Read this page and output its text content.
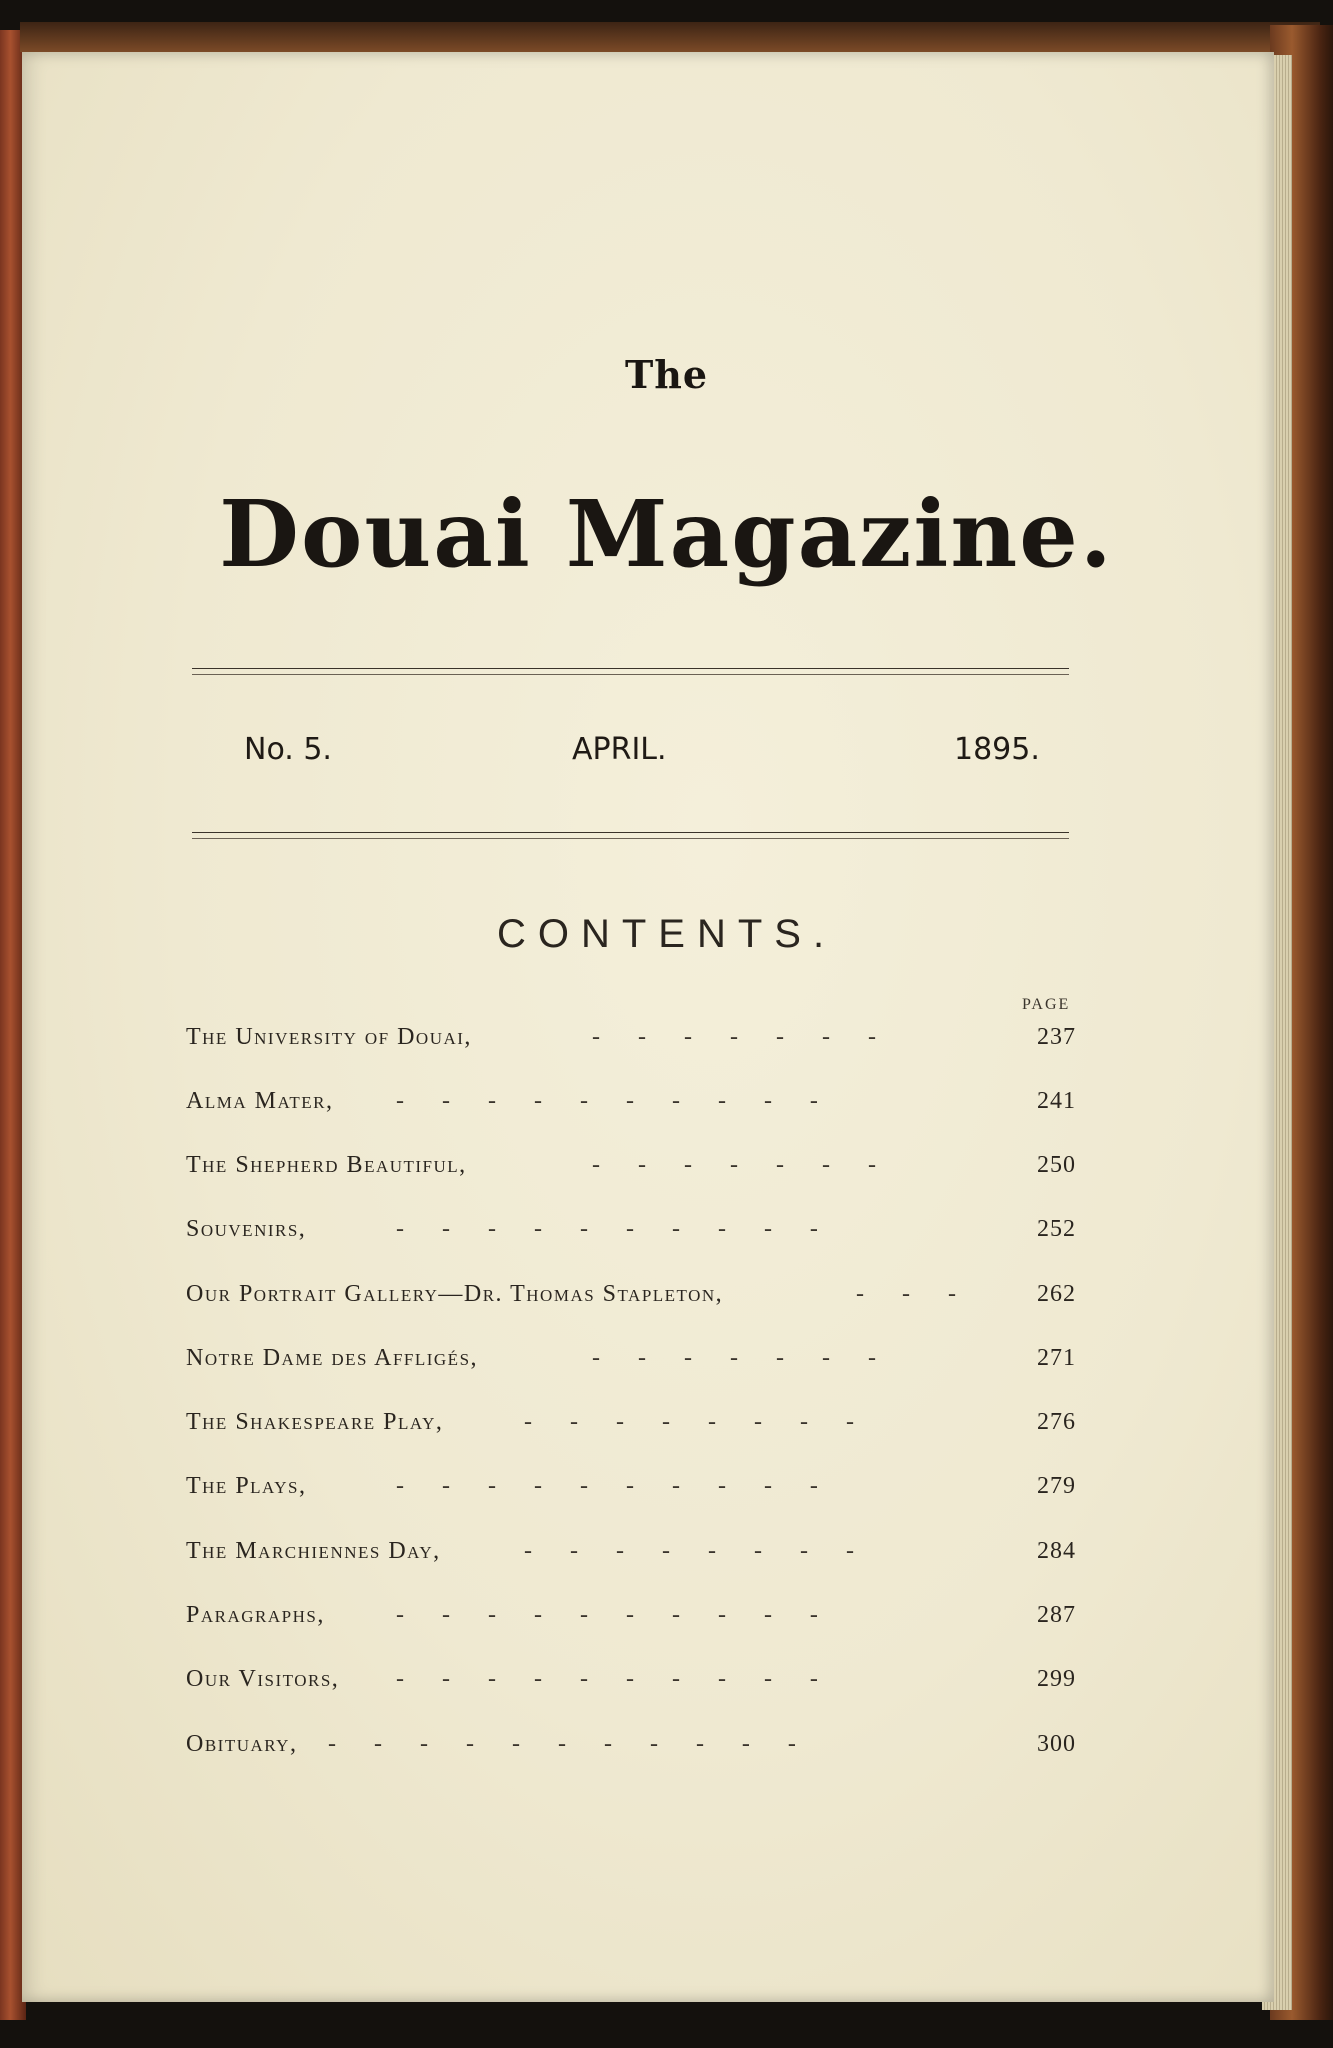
The
Douai Magazine.
No. 5.	APRIL.	1895.
CONTENTS.
PAGE
The University of Douai,	-------	237
Alma Mater,	----------	241
The Shepherd Beautiful,	-------	250
Souvenirs,	----------	252
Our Portrait Gallery—Dr. Thomas Stapleton,	--- 262
Notre Dame des Affligés,	-------	271
The Shakespeare Play,	--------	276
The Plays,	----------	279
The Marchiennes Day,	--------	284
Paragraphs,	----------	287
Our Visitors, ----------	299
Obituary, -----------	300
